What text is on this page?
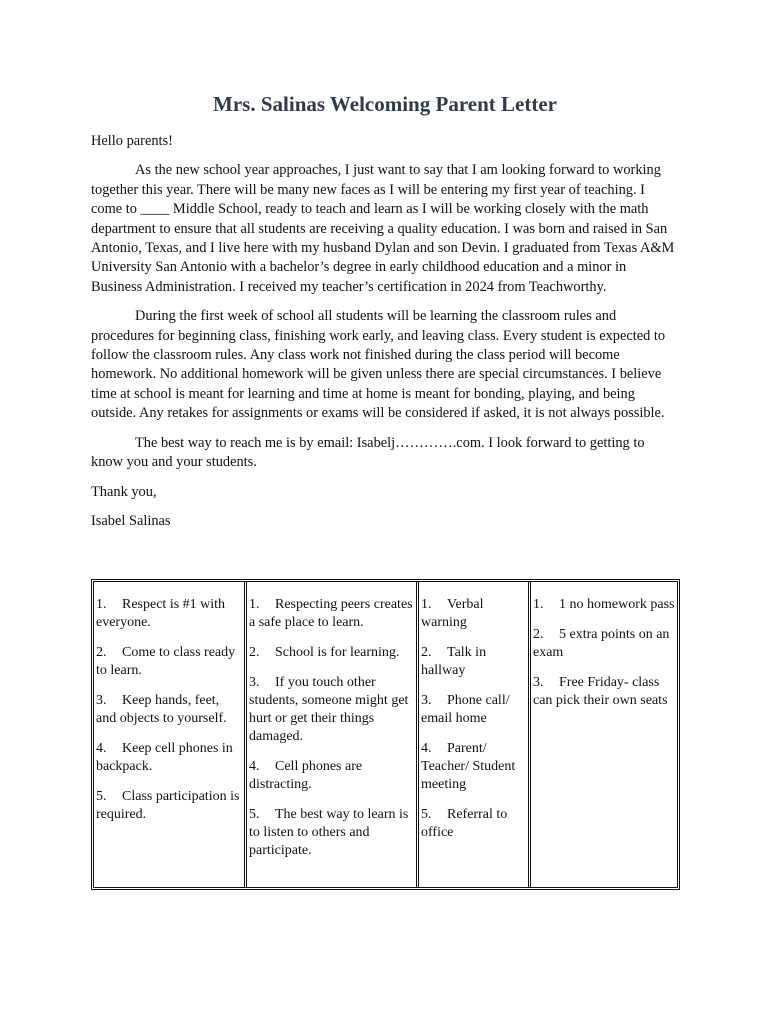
Mrs. Salinas Welcoming Parent Letter

Hello parents!

As the new school year approaches, I just want to say that I am looking forward to working together this year. There will be many new faces as I will be entering my first year of teaching. I come to ____ Middle School, ready to teach and learn as I will be working closely with the math department to ensure that all students are receiving a quality education. I was born and raised in San Antonio, Texas, and I live here with my husband Dylan and son Devin. I graduated from Texas A&M University San Antonio with a bachelor’s degree in early childhood education and a minor in Business Administration. I received my teacher’s certification in 2024 from Teachworthy.

During the first week of school all students will be learning the classroom rules and procedures for beginning class, finishing work early, and leaving class. Every student is expected to follow the classroom rules. Any class work not finished during the class period will become homework. No additional homework will be given unless there are special circumstances. I believe time at school is meant for learning and time at home is meant for bonding, playing, and being outside. Any retakes for assignments or exams will be considered if asked, it is not always possible.

The best way to reach me is by email: Isabelj………….com. I look forward to getting to know you and your students.

Thank you,

Isabel Salinas

1. Respect is #1 with everyone.
2. Come to class ready to learn.
3. Keep hands, feet, and objects to yourself.
4. Keep cell phones in backpack.
5. Class participation is required.
1. Respecting peers creates a safe place to learn.
2. School is for learning.
3. If you touch other students, someone might get hurt or get their things damaged.
4. Cell phones are distracting.
5. The best way to learn is to listen to others and participate.
1. Verbal warning
2. Talk in hallway
3. Phone call/ email home
4. Parent/ Teacher/ Student meeting
5. Referral to office
1. 1 no homework pass
2. 5 extra points on an exam
3. Free Friday- class can pick their own seats
